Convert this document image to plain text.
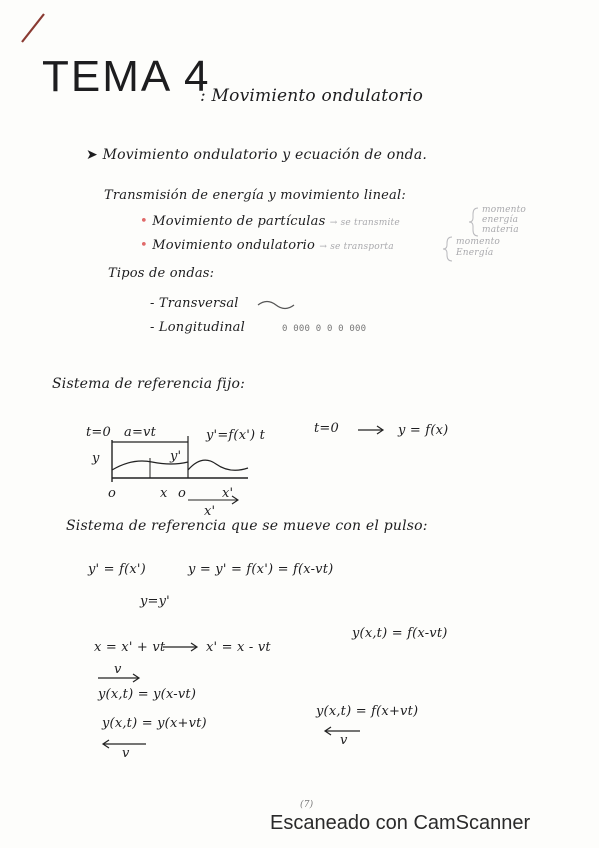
TEMA 4
: Movimiento ondulatorio
➤ Movimiento ondulatorio y ecuación de onda.
Transmisión de energía y movimiento lineal:
• Movimiento de partículas → se transmite
momento
energía
materia
• Movimiento ondulatorio → se transporta	momento
Energía
Tipos de ondas:
- Transversal
- Longitudinal	0 000 0 0 0 000
Sistema de referencia fijo:
t=0 a=vt
y	y'
y'=f(x') t
o	x o	x'
x'
t=0	y = f(x)
Sistema de referencia que se mueve con el pulso:
y' = f(x')	y = y' = f(x') = f(x-vt)
y=y'
y(x,t) = f(x-vt)
x = x' + vt	x' = x - vt
v
y(x,t) = y(x-vt)
y(x,t) = y(x+vt)
v
y(x,t) = f(x+vt)
v
(7)
Escaneado con CamScanner
